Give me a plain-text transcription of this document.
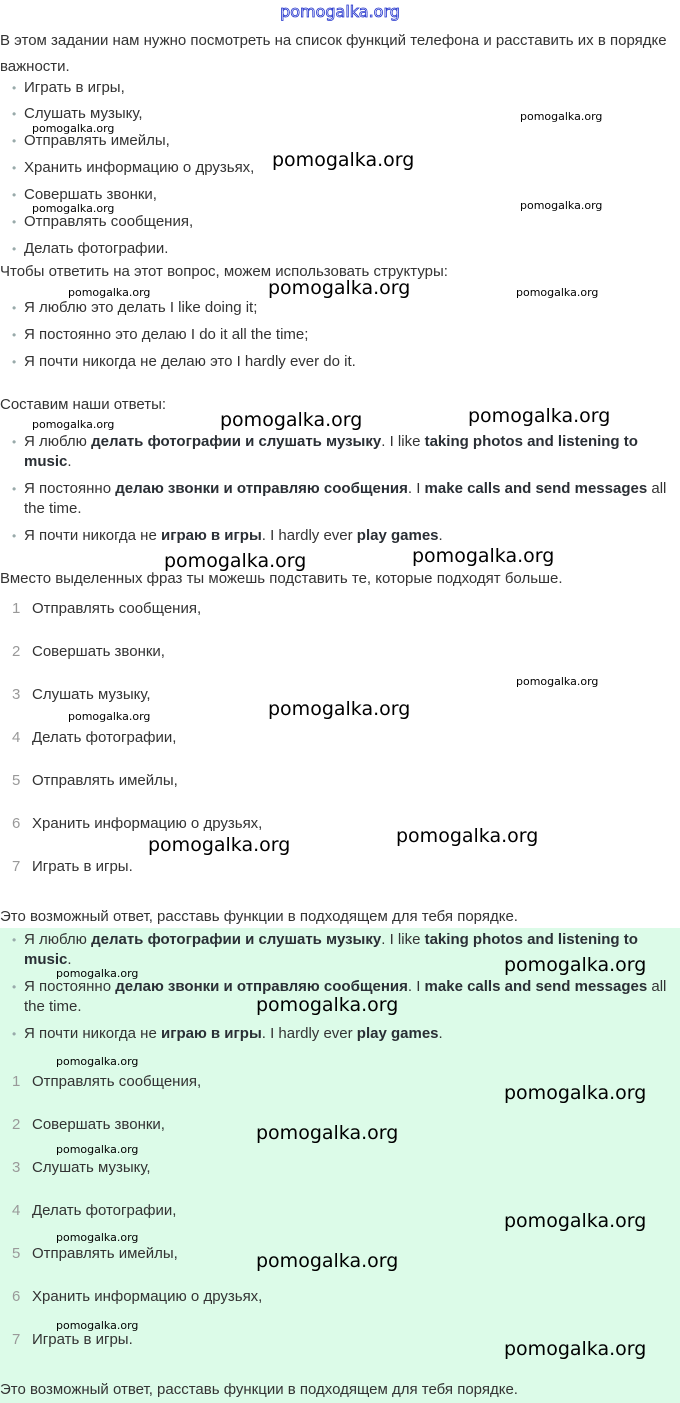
pomogalka.org
В этом задании нам нужно посмотреть на список функций телефона и расставить их в порядке важности.
• Играть в игры,
• Слушать музыку,
• Отправлять имейлы,
• Хранить информацию о друзьях,
• Совершать звонки,
• Отправлять сообщения,
• Делать фотографии.
Чтобы ответить на этот вопрос, можем использовать структуры:
• Я люблю это делать I like doing it;
• Я постоянно это делаю I do it all the time;
• Я почти никогда не делаю это I hardly ever do it.
Составим наши ответы:
• Я люблю делать фотографии и слушать музыку. I like taking photos and listening to music.
• Я постоянно делаю звонки и отправляю сообщения. I make calls and send messages all the time.
• Я почти никогда не играю в игры. I hardly ever play games.
Вместо выделенных фраз ты можешь подставить те, которые подходят больше.
1 Отправлять сообщения,
2 Совершать звонки,
3 Слушать музыку,
4 Делать фотографии,
5 Отправлять имейлы,
6 Хранить информацию о друзьях,
7 Играть в игры.
Это возможный ответ, расставь функции в подходящем для тебя порядке.
• Я люблю делать фотографии и слушать музыку. I like taking photos and listening to music.
• Я постоянно делаю звонки и отправляю сообщения. I make calls and send messages all the time.
• Я почти никогда не играю в игры. I hardly ever play games.
1 Отправлять сообщения,
2 Совершать звонки,
3 Слушать музыку,
4 Делать фотографии,
5 Отправлять имейлы,
6 Хранить информацию о друзьях,
7 Играть в игры.
Это возможный ответ, расставь функции в подходящем для тебя порядке.
pomogalka.org
pomogalka.org
pomogalka.org	pomogalka.org
pomogalka.org	pomogalka.org
pomogalka.org
pomogalka.org
pomogalka.org
pomogalka.org
pomogalka.org
pomogalka.org
pomogalka.org
pomogalka.org
pomogalka.org
pomogalka.org
pomogalka.org	pomogalka.org
pomogalka.org	pomogalka.org
pomogalka.org
pomogalka.org
pomogalka.org
pomogalka.org
pomogalka.org
pomogalka.org
pomogalka.org
pomogalka.org
pomogalka.org
pomogalka.org
